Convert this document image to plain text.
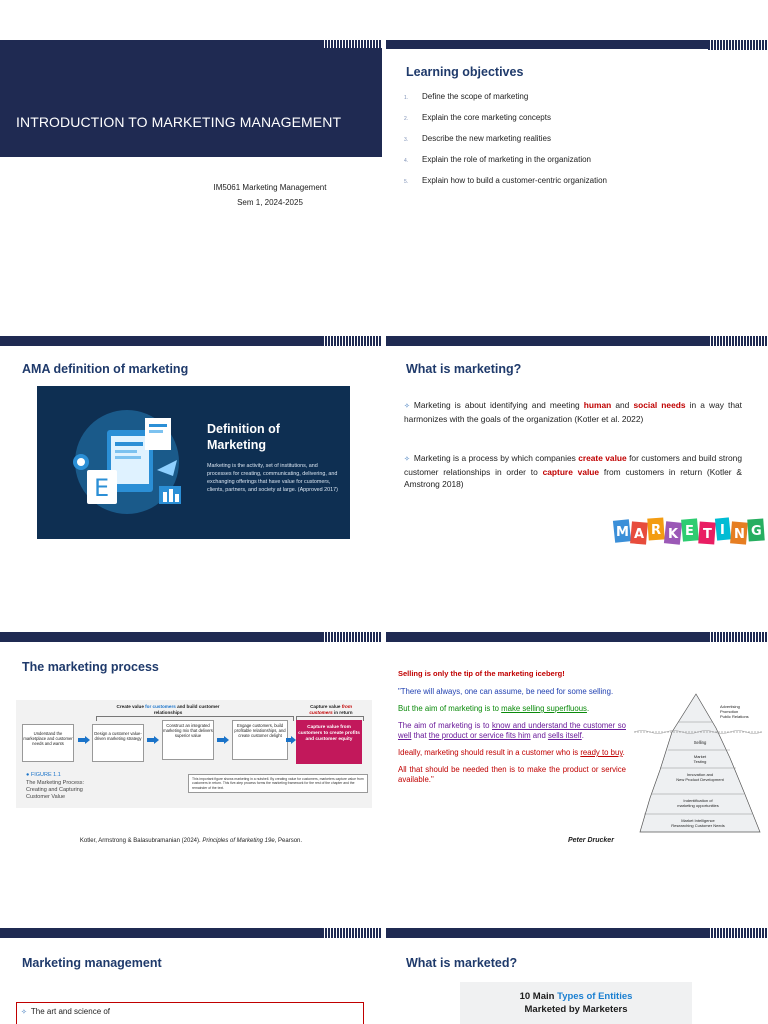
INTRODUCTION TO MARKETING MANAGEMENT
IM5061 Marketing Management
Sem 1, 2024-2025
Learning objectives
1. Define the scope of marketing
2. Explain the core marketing concepts
3. Describe the new marketing realities
4. Explain the role of marketing in the organization
5. Explain how to build a customer-centric organization
AMA definition of marketing
E
Definition of
Marketing
Marketing is the activity, set of institutions, and processes for creating, communicating, delivering, and exchanging offerings that have value for customers, clients, partners, and society at large. (Approved 2017)
What is marketing?
✧ Marketing is about identifying and meeting human and social needs in a way that harmonizes with the goals of the organization (Kotler et al. 2022)
✧ Marketing is a process by which companies create value for customers and build strong customer relationships in order to capture value from customers in return (Kotler & Amstrong 2018)
M A R K E T I N G
The marketing process
Create value for customers and build customer relationships
Capture value from customers in return
Understand the marketplace and customer needs and wants
Design a customer value-driven marketing strategy
Construct an integrated marketing mix that delivers superior value
Engage customers, build profitable relationships, and create customer delight
Capture value from customers to create profits and customer equity
● FIGURE 1.1
The Marketing Process:
Creating and Capturing
Customer Value
This important figure shows marketing in a nutshell. By creating value for customers, marketers capture value from customers in return. This five-step process forms the marketing framework for the rest of the chapter and the remainder of the text.
Kotler, Armstrong & Balasubramanian (2024). Principles of Marketing 19e, Pearson.
Selling is only the tip of the marketing iceberg!
"There will always, one can assume, be need for some selling.
But the aim of marketing is to make selling superfluous.
The aim of marketing is to know and understand the customer so well that the product or service fits him and sells itself.
Ideally, marketing should result in a customer who is ready to buy.
All that should be needed then is to make the product or service available."
Peter Drucker
Advertising
Promotion
Public Relations
Selling
Market
Testing
Innovation and
New Product Development
Indentification of
marketing opportunities
Market Intelligence
Researching Customer Needs
Marketing management
✧ The art and science of
What is marketed?
10 Main Types of Entities
Marketed by Marketers
